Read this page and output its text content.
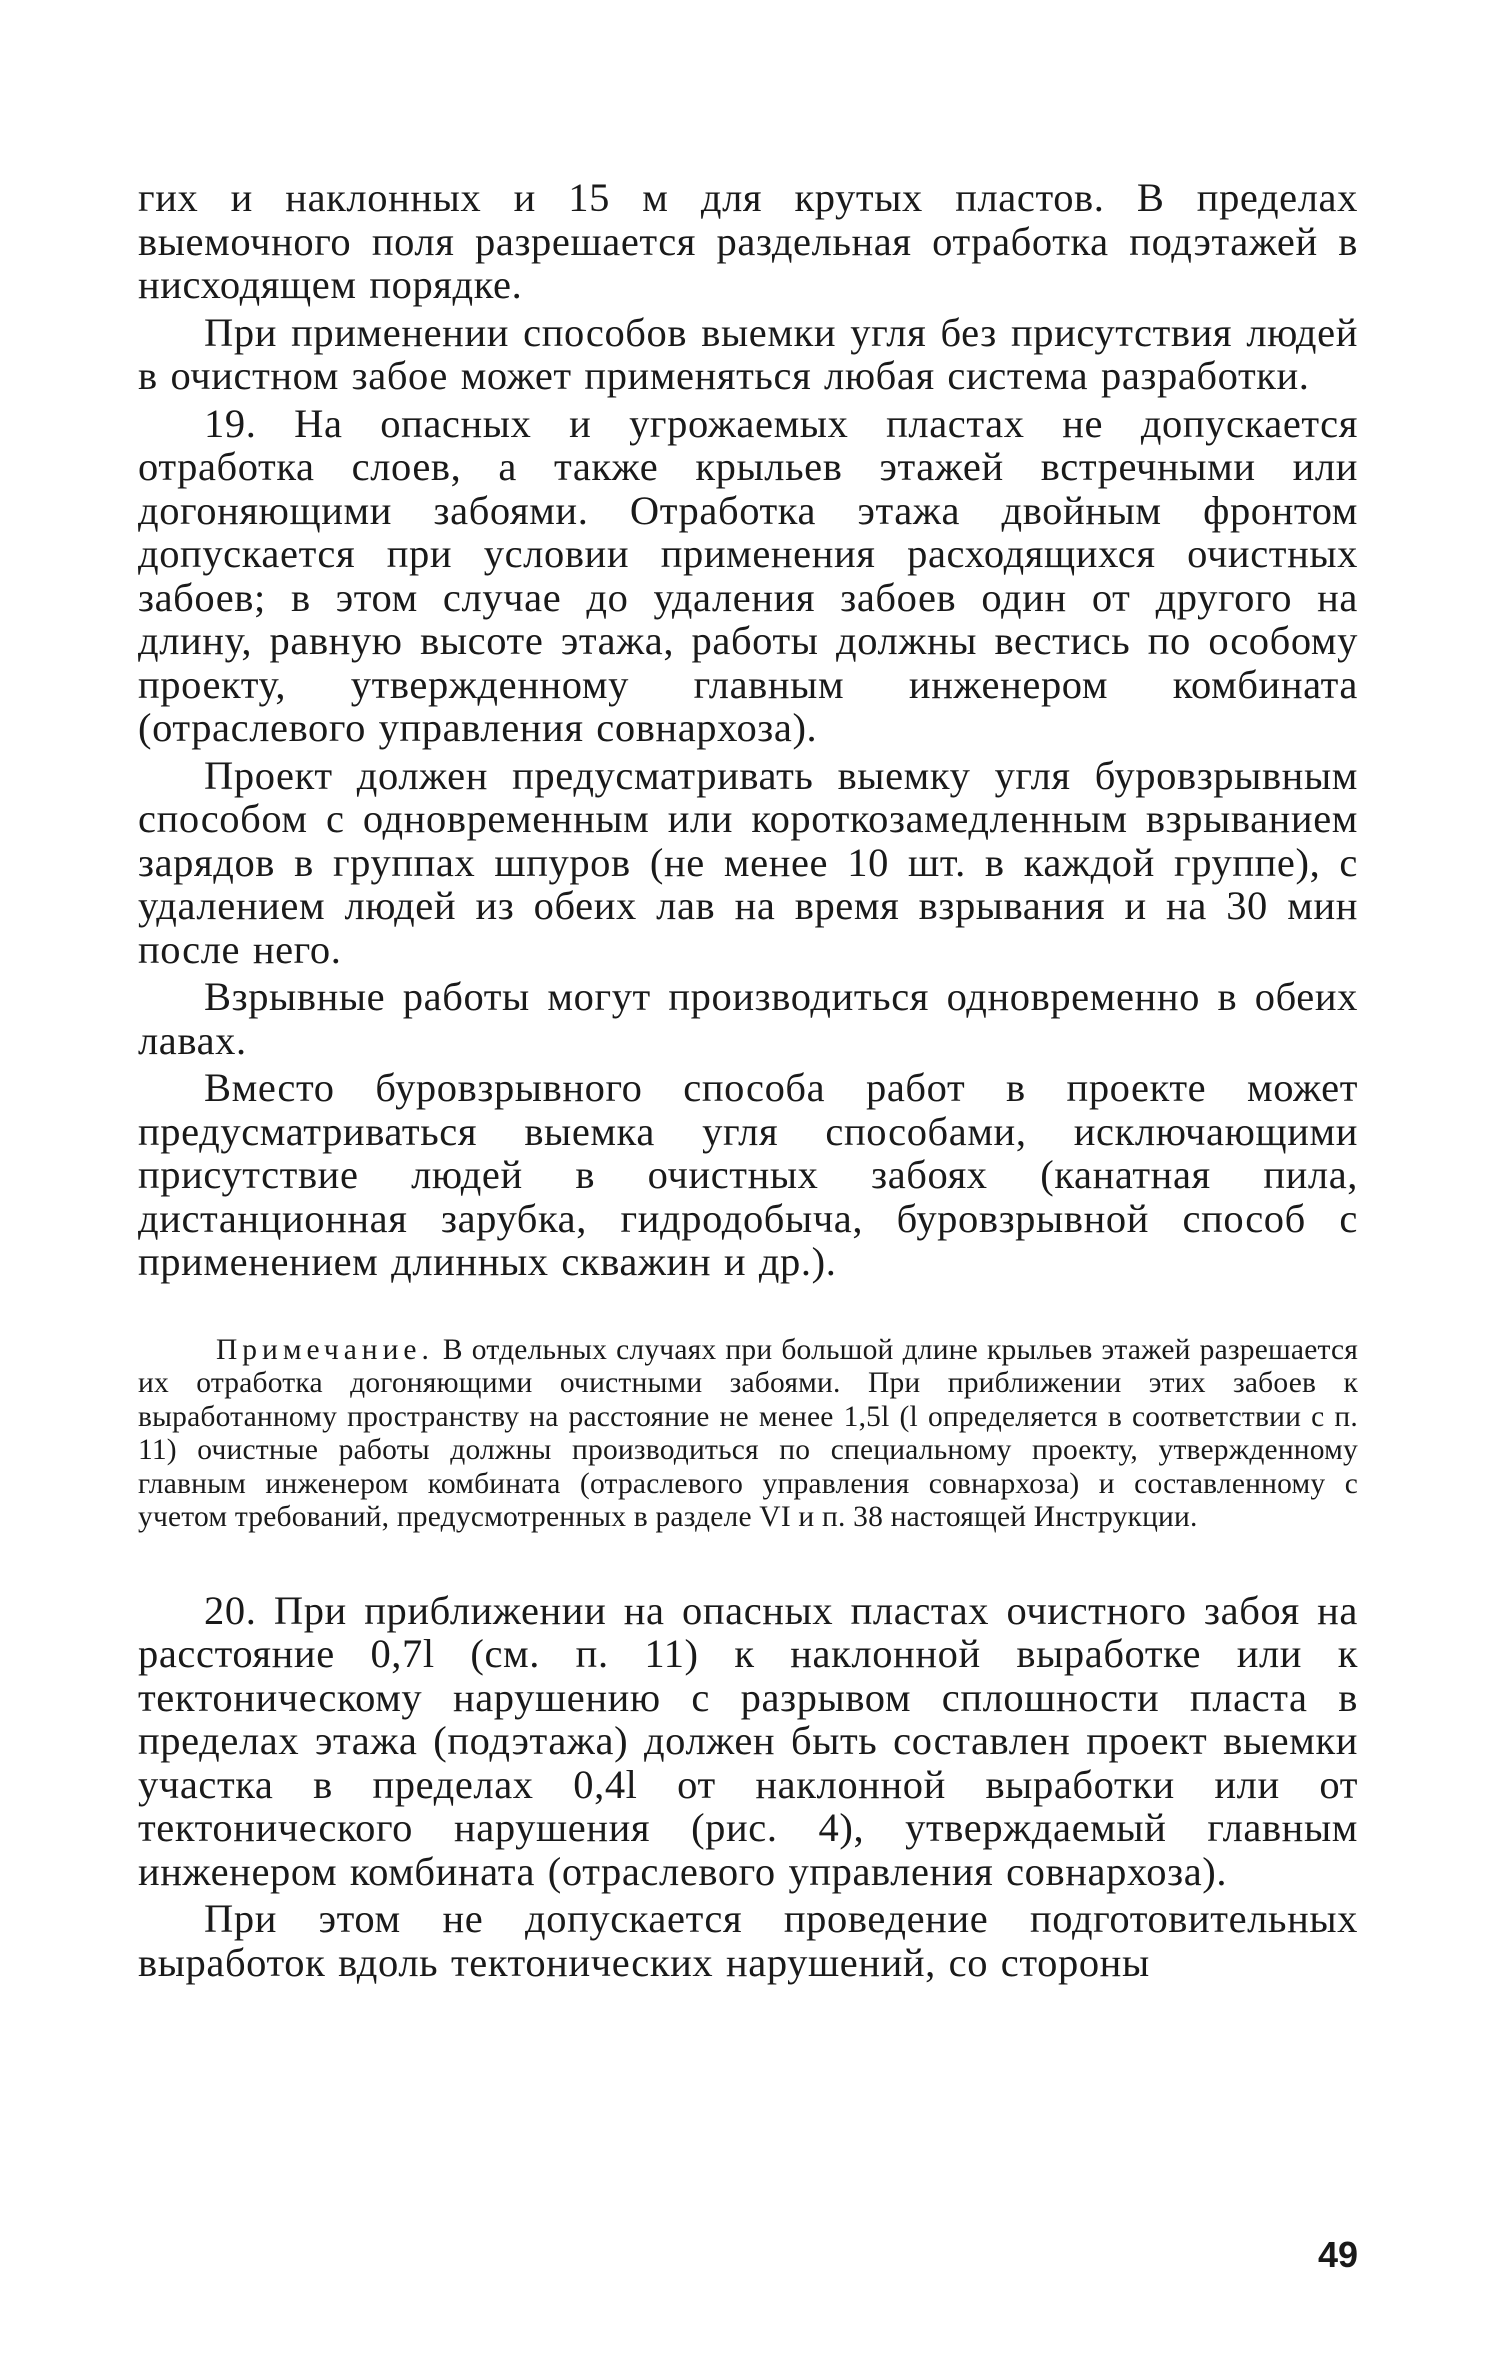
гих и наклонных и 15 м для крутых пластов. В пределах выемочного поля разрешается раздельная отработка подэтажей в нисходящем порядке.

При применении способов выемки угля без присутствия людей в очистном забое может применяться любая система разработки.

19. На опасных и угрожаемых пластах не допускается отработка слоев, а также крыльев этажей встречными или догоняющими забоями. Отработка этажа двойным фронтом допускается при условии применения расходящихся очистных забоев; в этом случае до удаления забоев один от другого на длину, равную высоте этажа, работы должны вестись по особому проекту, утвержденному главным инженером комбината (отраслевого управления совнархоза).

Проект должен предусматривать выемку угля буровзрывным способом с одновременным или короткозамедленным взрыванием зарядов в группах шпуров (не менее 10 шт. в каждой группе), с удалением людей из обеих лав на время взрывания и на 30 мин после него.

Взрывные работы могут производиться одновременно в обеих лавах.

Вместо буровзрывного способа работ в проекте может предусматриваться выемка угля способами, исключающими присутствие людей в очистных забоях (канатная пила, дистанционная зарубка, гидродобыча, буровзрывной способ с применением длинных скважин и др.).

Примечание. В отдельных случаях при большой длине крыльев этажей разрешается их отработка догоняющими очистными забоями. При приближении этих забоев к выработанному пространству на расстояние не менее 1,5l (l определяется в соответствии с п. 11) очистные работы должны производиться по специальному проекту, утвержденному главным инженером комбината (отраслевого управления совнархоза) и составленному с учетом требований, предусмотренных в разделе VI и п. 38 настоящей Инструкции.

20. При приближении на опасных пластах очистного забоя на расстояние 0,7l (см. п. 11) к наклонной выработке или к тектоническому нарушению с разрывом сплошности пласта в пределах этажа (подэтажа) должен быть составлен проект выемки участка в пределах 0,4l от наклонной выработки или от тектонического нарушения (рис. 4), утверждаемый главным инженером комбината (отраслевого управления совнархоза).

При этом не допускается проведение подготовительных выработок вдоль тектонических нарушений, со стороны

49
